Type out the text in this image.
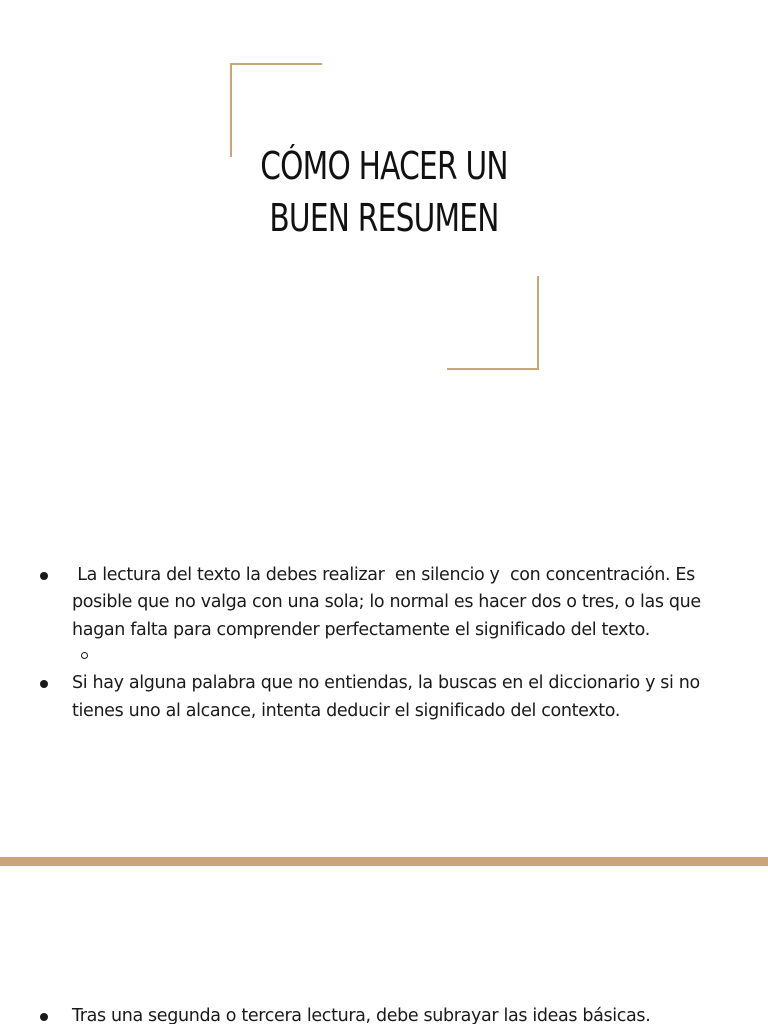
CÓMO HACER UN
BUEN RESUMEN
La lectura del texto la debes realizar  en silencio y  con concentración. Es posible que no valga con una sola; lo normal es hacer dos o tres, o las que hagan falta para comprender perfectamente el significado del texto.
Si hay alguna palabra que no entiendas, la buscas en el diccionario y si no tienes uno al alcance, intenta deducir el significado del contexto.
Tras una segunda o tercera lectura, debe subrayar las ideas básicas.
